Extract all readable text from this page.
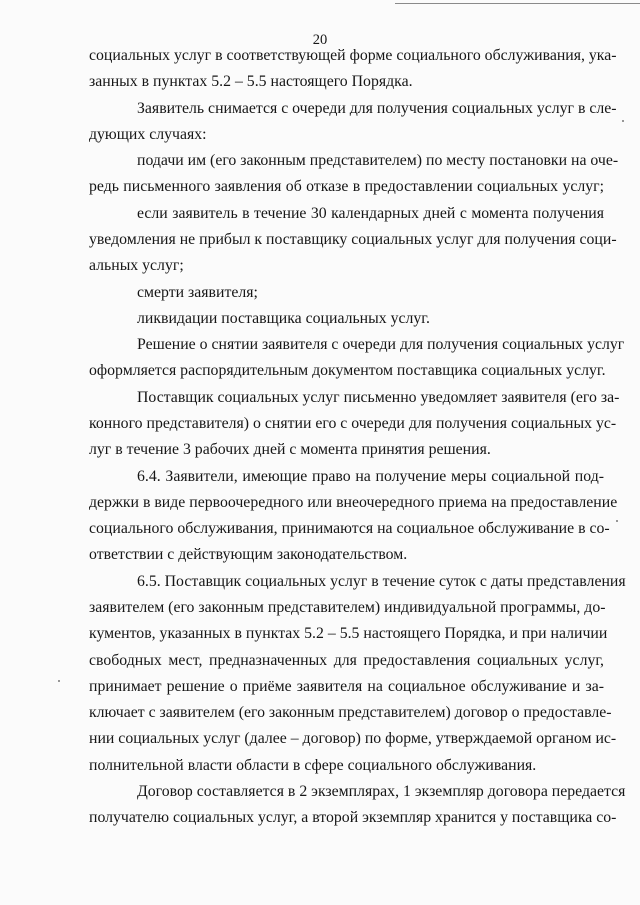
20
социальных услуг в соответствующей форме социального обслуживания, ука-
занных в пунктах 5.2 – 5.5 настоящего Порядка.
Заявитель снимается с очереди для получения социальных услуг в сле-
дующих случаях:
подачи им (его законным представителем) по месту постановки на оче-
редь письменного заявления об отказе в предоставлении социальных услуг;
если заявитель в течение 30 календарных дней с момента получения
уведомления не прибыл к поставщику социальных услуг для получения соци-
альных услуг;
смерти заявителя;
ликвидации поставщика социальных услуг.
Решение о снятии заявителя с очереди для получения социальных услуг
оформляется распорядительным документом поставщика социальных услуг.
Поставщик социальных услуг письменно уведомляет заявителя (его за-
конного представителя) о снятии его с очереди для получения социальных ус-
луг в течение 3 рабочих дней с момента принятия решения.
6.4. Заявители, имеющие право на получение меры социальной под-
держки в виде первоочередного или внеочередного приема на предоставление
социального обслуживания, принимаются на социальное обслуживание в со-
ответствии с действующим законодательством.
6.5. Поставщик социальных услуг в течение суток с даты представления
заявителем (его законным представителем) индивидуальной программы, до-
кументов, указанных в пунктах 5.2 – 5.5 настоящего Порядка, и при наличии
свободных мест, предназначенных для предоставления социальных услуг,
принимает решение о приёме заявителя на социальное обслуживание и за-
ключает с заявителем (его законным представителем) договор о предоставле-
нии социальных услуг (далее – договор) по форме, утверждаемой органом ис-
полнительной власти области в сфере социального обслуживания.
Договор составляется в 2 экземплярах, 1 экземпляр договора передается
получателю социальных услуг, а второй экземпляр хранится у поставщика со-
